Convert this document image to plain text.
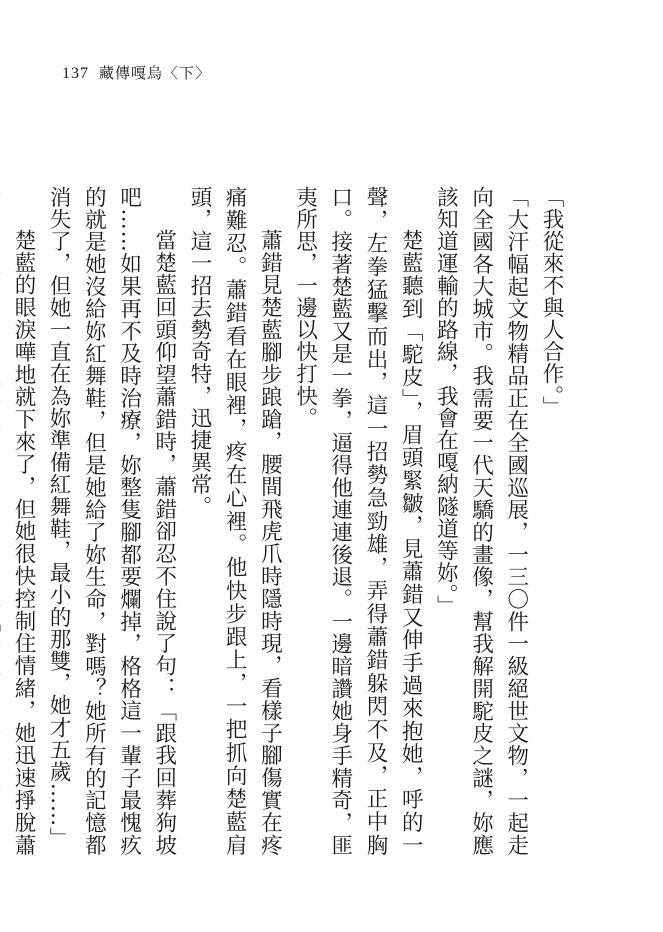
137 藏傳嘎烏〈下〉

「我從來不與人合作。」

「大汗幅起文物精品正在全國巡展，一三〇件一級絕世文物，一起走向全國各大城市。我需要一代天驕的畫像，幫我解開駝皮之謎，妳應該知道運輸的路線，我會在嘎納隧道等妳。」

楚藍聽到「駝皮」，眉頭緊皺，見蕭錯又伸手過來抱她，呼的一聲，左拳猛擊而出，這一招勢急勁雄，弄得蕭錯躲閃不及，正中胸口。接著楚藍又是一拳，逼得他連連後退。一邊暗讚她身手精奇，匪夷所思，一邊以快打快。

蕭錯見楚藍腳步踉蹌，腰間飛虎爪時隱時現，看樣子腳傷實在疼痛難忍。蕭錯看在眼裡，疼在心裡。他快步跟上，一把抓向楚藍肩頭，這一招去勢奇特，迅捷異常。

當楚藍回頭仰望蕭錯時，蕭錯卻忍不住說了句：「跟我回葬狗坡吧……如果再不及時治療，妳整隻腳都要爛掉，格格這一輩子最愧疚的就是她沒給妳紅舞鞋，但是她給了妳生命，對嗎？她所有的記憶都消失了，但她一直在為妳準備紅舞鞋，最小的那雙，她才五歲……」

楚藍的眼淚嘩地就下來了，但她很快控制住情緒，她迅速掙脫蕭
